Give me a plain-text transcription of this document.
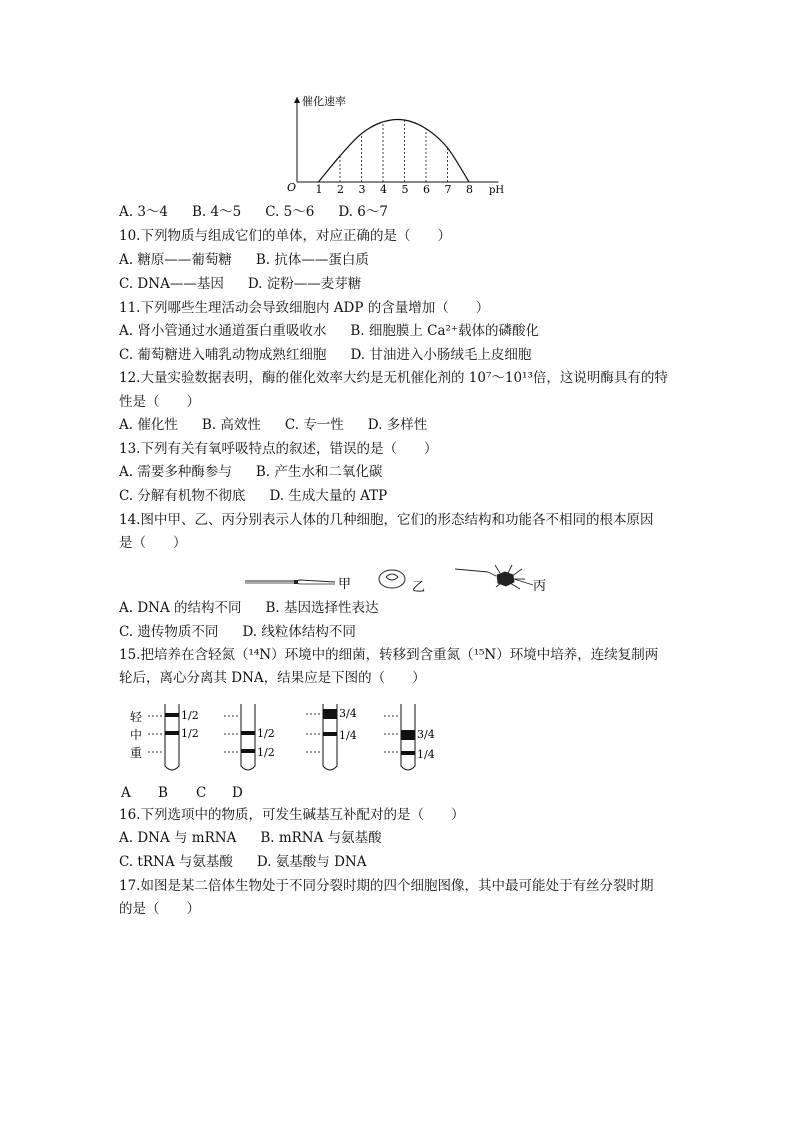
1 2 3 4 5 6 7 8
催化速率
O	pH
A. 3～4 B. 4～5 C. 5～6 D. 6～7
10.下列物质与组成它们的单体，对应正确的是（　　）
A. 糖原——葡萄糖 B. 抗体——蛋白质
C. DNA——基因 D. 淀粉——麦芽糖
11.下列哪些生理活动会导致细胞内 ADP 的含量增加（　　）
A. 肾小管通过水通道蛋白重吸收水 B. 细胞膜上 Ca²⁺载体的磷酸化
C. 葡萄糖进入哺乳动物成熟红细胞 D. 甘油进入小肠绒毛上皮细胞
12.大量实验数据表明，酶的催化效率大约是无机催化剂的 10⁷～10¹³倍，这说明酶具有的特
性是（　　）
A. 催化性 B. 高效性 C. 专一性 D. 多样性
13.下列有关有氧呼吸特点的叙述，错误的是（　　）
A. 需要多种酶参与 B. 产生水和二氧化碳
C. 分解有机物不彻底 D. 生成大量的 ATP
14.图中甲、乙、丙分别表示人体的几种细胞，它们的形态结构和功能各不相同的根本原因
是（　　）
甲	乙	丙
A. DNA 的结构不同 B. 基因选择性表达
C. 遗传物质不同 D. 线粒体结构不同
15.把培养在含轻氮（¹⁴N）环境中的细菌，转移到含重氮（¹⁵N）环境中培养，连续复制两
轮后，离心分离其 DNA，结果应是下图的（　　）
轻
中
重
1/2
1/2	1/2
1/2
3/4
1/4	3/4
1/4
A B C D
16.下列选项中的物质，可发生碱基互补配对的是（　　）
A. DNA 与 mRNA B. mRNA 与氨基酸
C. tRNA 与氨基酸 D. 氨基酸与 DNA
17.如图是某二倍体生物处于不同分裂时期的四个细胞图像，其中最可能处于有丝分裂时期
的是（　　）
